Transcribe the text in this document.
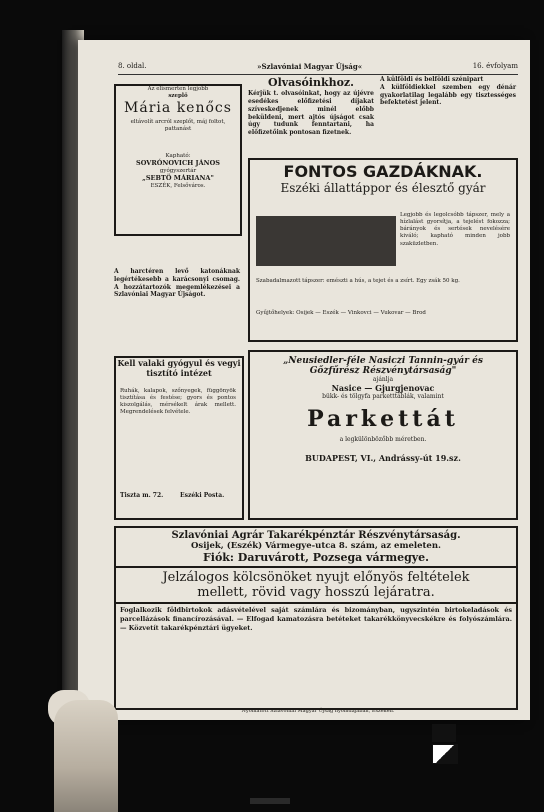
8. oldal.	»Szlavóniai Magyar Újság«	16. évfolyam
Az elismerten legjobb
szeplő
Mária kenőcs
eltávolít arcról szeplőt, máj foltot, pattanást
Kapható:
SOVRÓNOVICH JÁNOS
gyógyszertár
„SEBTÖ MÁRIANA"
ESZÉK, Felsőváros.
Olvasóinkhoz.
Kérjük t. olvasóinkat, hogy az újévre esedékes előfizetési díjakat szíveskedjenek minél előbb beküldeni, mert ajtós újságot csak úgy tudunk fenntartani, ha előfizetőink pontosan fizetnek.
A külföldi és belföldi szénipart
A külföldiekkel szemben egy dénár gyakorlatilag legalább egy tisztességes befektetést jelent.
FONTOS GAZDÁKNAK.
Eszéki állattáppor és élesztő gyár
Legjobb és legolcsóbb tápszer, mely a hízlalást gyorsítja, a tejelést fokozza; bárányok és sertések nevelésére kiváló; kapható minden jobb szaküzletben.
Szabadalmazott tápszer: emészti a hús, a tejet és a zsírt. Egy zsák 50 kg.
Gyűjtőhelyek: Osijek — Eszék — Vinkovci — Vukovar — Brod
A harctéren levő katonáknak legértékesebb a karácsonyi csomag. A hozzátartozók megemlékezései a Szlavóniai Magyar Újságot.
Kell valaki gyógyul és vegyi
tisztító intézet
Ruhák, kalapok, szőnyegek, függönyök tisztítása és festése; gyors és pontos kiszolgálás, mérsékelt árak mellett. Megrendelések felvétele.
Tiszta m. 72.	Eszéki Posta.
„Neusiedler-féle Nasiczi Tannin-gyár és
Gőzfűrész Részvénytársaság"
ajánlja
Nasice — Gjurgjenovac
bükk- és tölgyfa parketttáblák, valamint
Parkettát
a legkülönbözőbb méretben.
BUDAPEST, VI., Andrássy-út 19.sz.
Szlavóniai Agrár Takarékpénztár Részvénytársaság.
Osijek, (Eszék) Vármegye-utca 8. szám, az emeleten.
Fiók: Daruvárott, Pozsega vármegye.
Jelzálogos kölcsönöket nyujt előnyös feltételek
mellett, rövid vagy hosszú lejáratra.
Foglalkozik földbirtokok adásvételével saját számlára és bizományban, ugyszintén birtokeladások és parcellázások financírozásával. — Elfogad kamatozásra betéteket takarékkönyvecskékre és folyószámlára. — Közvetít takarékpénztári ügyeket.
Nyomatott Szlavóniai Magyar Újság nyomdájában, Eszéken.
